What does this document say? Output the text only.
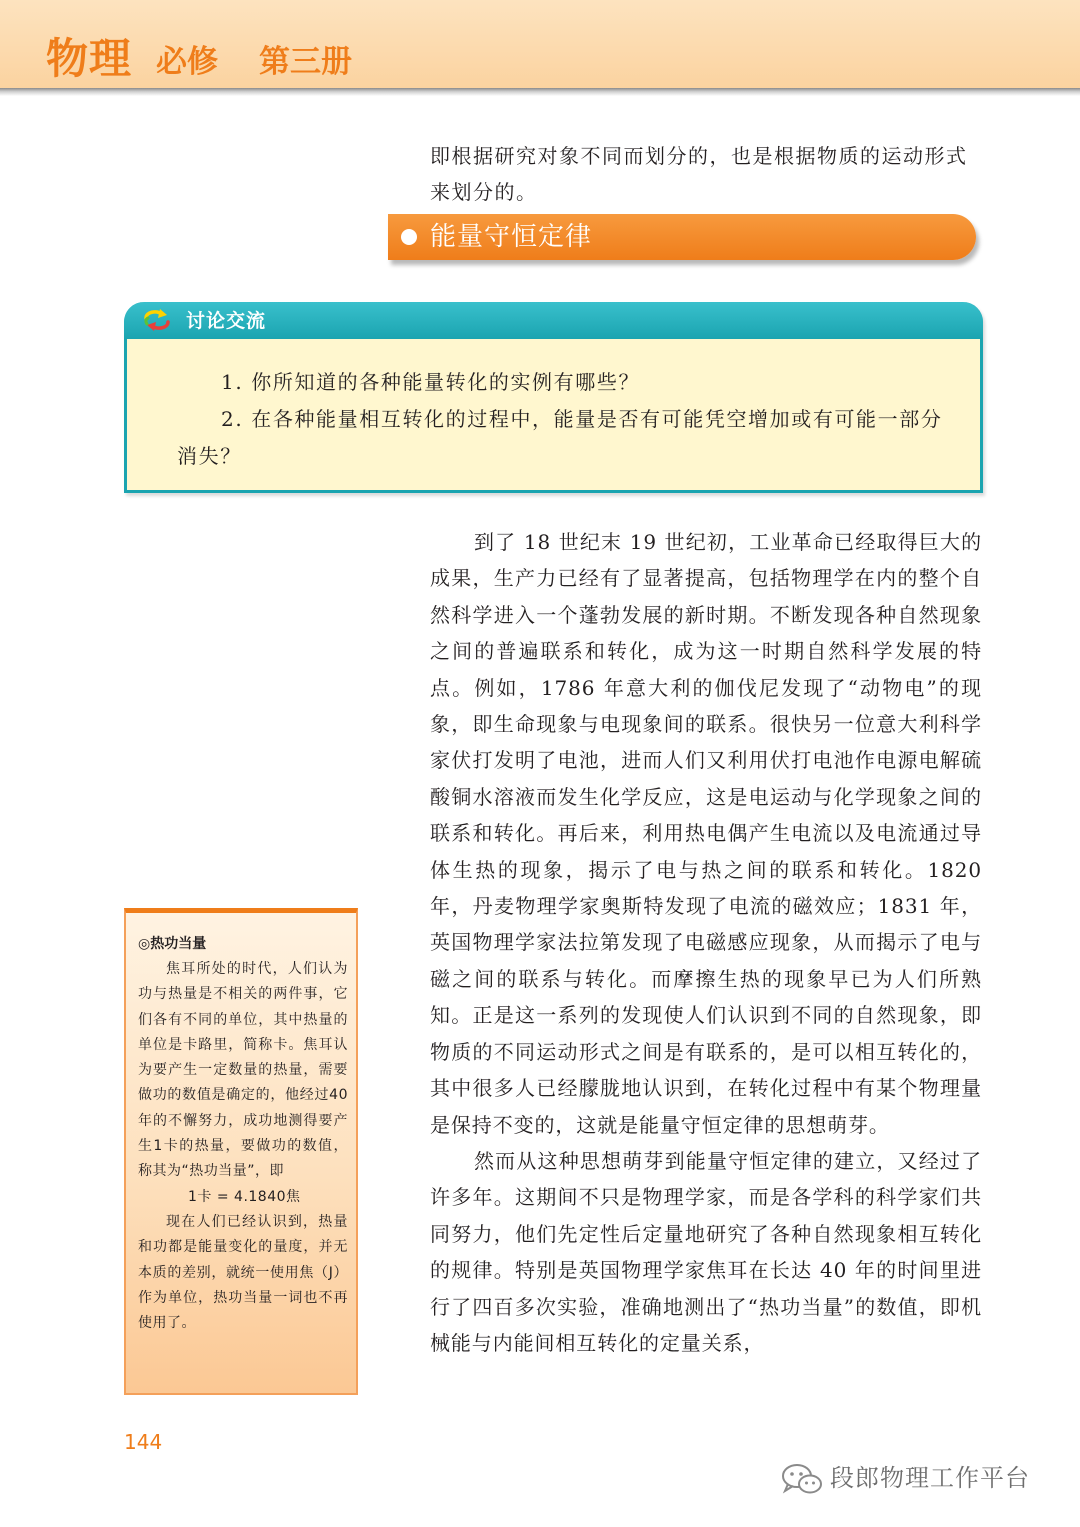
物理 必修 第三册

即根据研究对象不同而划分的，也是根据物质的运动形式来划分的。

能量守恒定律
讨论交流

1. 你所知道的各种能量转化的实例有哪些？

2. 在各种能量相互转化的过程中，能量是否有可能凭空增加或有可能一部分消失？

到了 18 世纪末 19 世纪初，工业革命已经取得巨大的成果，生产力已经有了显著提高，包括物理学在内的整个自然科学进入一个蓬勃发展的新时期。不断发现各种自然现象之间的普遍联系和转化，成为这一时期自然科学发展的特点。例如，1786 年意大利的伽伐尼发现了“动物电”的现象，即生命现象与电现象间的联系。很快另一位意大利科学家伏打发明了电池，进而人们又利用伏打电池作电源电解硫酸铜水溶液而发生化学反应，这是电运动与化学现象之间的联系和转化。再后来，利用热电偶产生电流以及电流通过导体生热的现象，揭示了电与热之间的联系和转化。1820 年，丹麦物理学家奥斯特发现了电流的磁效应；1831 年，英国物理学家法拉第发现了电磁感应现象，从而揭示了电与磁之间的联系与转化。而摩擦生热的现象早已为人们所熟知。正是这一系列的发现使人们认识到不同的自然现象，即物质的不同运动形式之间是有联系的，是可以相互转化的，其中很多人已经朦胧地认识到，在转化过程中有某个物理量是保持不变的，这就是能量守恒定律的思想萌芽。

然而从这种思想萌芽到能量守恒定律的建立，又经过了许多年。这期间不只是物理学家，而是各学科的科学家们共同努力，他们先定性后定量地研究了各种自然现象相互转化的规律。特别是英国物理学家焦耳在长达 40 年的时间里进行了四百多次实验，准确地测出了“热功当量”的数值，即机械能与内能间相互转化的定量关系，

◎热功当量

焦耳所处的时代，人们认为功与热量是不相关的两件事，它们各有不同的单位，其中热量的单位是卡路里，简称卡。焦耳认为要产生一定数量的热量，需要做功的数值是确定的，他经过40年的不懈努力，成功地测得要产生1卡的热量，要做功的数值，称其为“热功当量”，即

1卡 = 4.1840焦

现在人们已经认识到，热量和功都是能量变化的量度，并无本质的差别，就统一使用焦（J）作为单位，热功当量一词也不再使用了。

144
段郎物理工作平台
